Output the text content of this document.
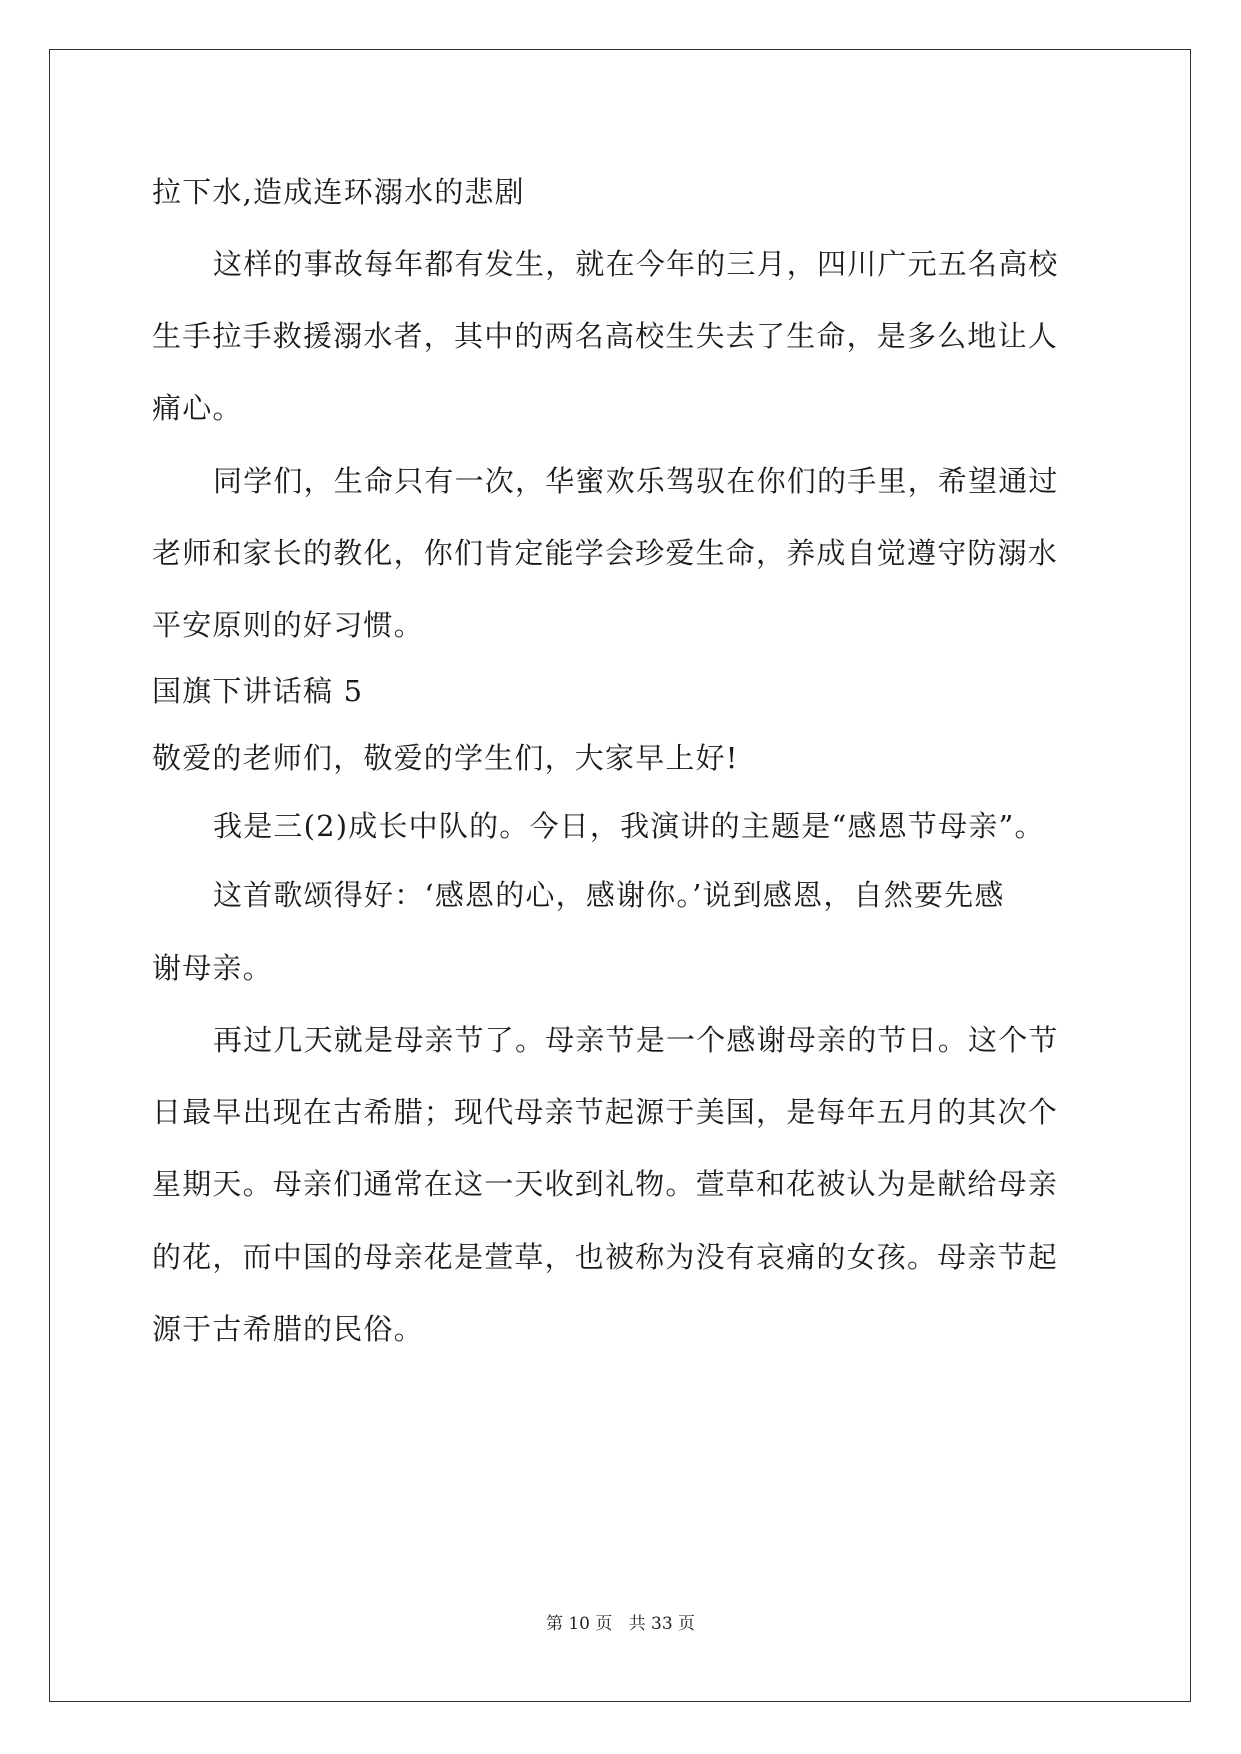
拉下水,造成连环溺水的悲剧
这样的事故每年都有发生，就在今年的三月，四川广元五名高校
生手拉手救援溺水者，其中的两名高校生失去了生命，是多么地让人
痛心。
同学们，生命只有一次，华蜜欢乐驾驭在你们的手里，希望通过
老师和家长的教化，你们肯定能学会珍爱生命，养成自觉遵守防溺水
平安原则的好习惯。
国旗下讲话稿 5
敬爱的老师们，敬爱的学生们，大家早上好!
我是三(2)成长中队的。今日，我演讲的主题是“感恩节母亲”。
这首歌颂得好：‘感恩的心，感谢你。’说到感恩，自然要先感
谢母亲。
再过几天就是母亲节了。母亲节是一个感谢母亲的节日。这个节
日最早出现在古希腊；现代母亲节起源于美国，是每年五月的其次个
星期天。母亲们通常在这一天收到礼物。萱草和花被认为是献给母亲
的花，而中国的母亲花是萱草，也被称为没有哀痛的女孩。母亲节起
源于古希腊的民俗。
第 10 页 共 33 页
